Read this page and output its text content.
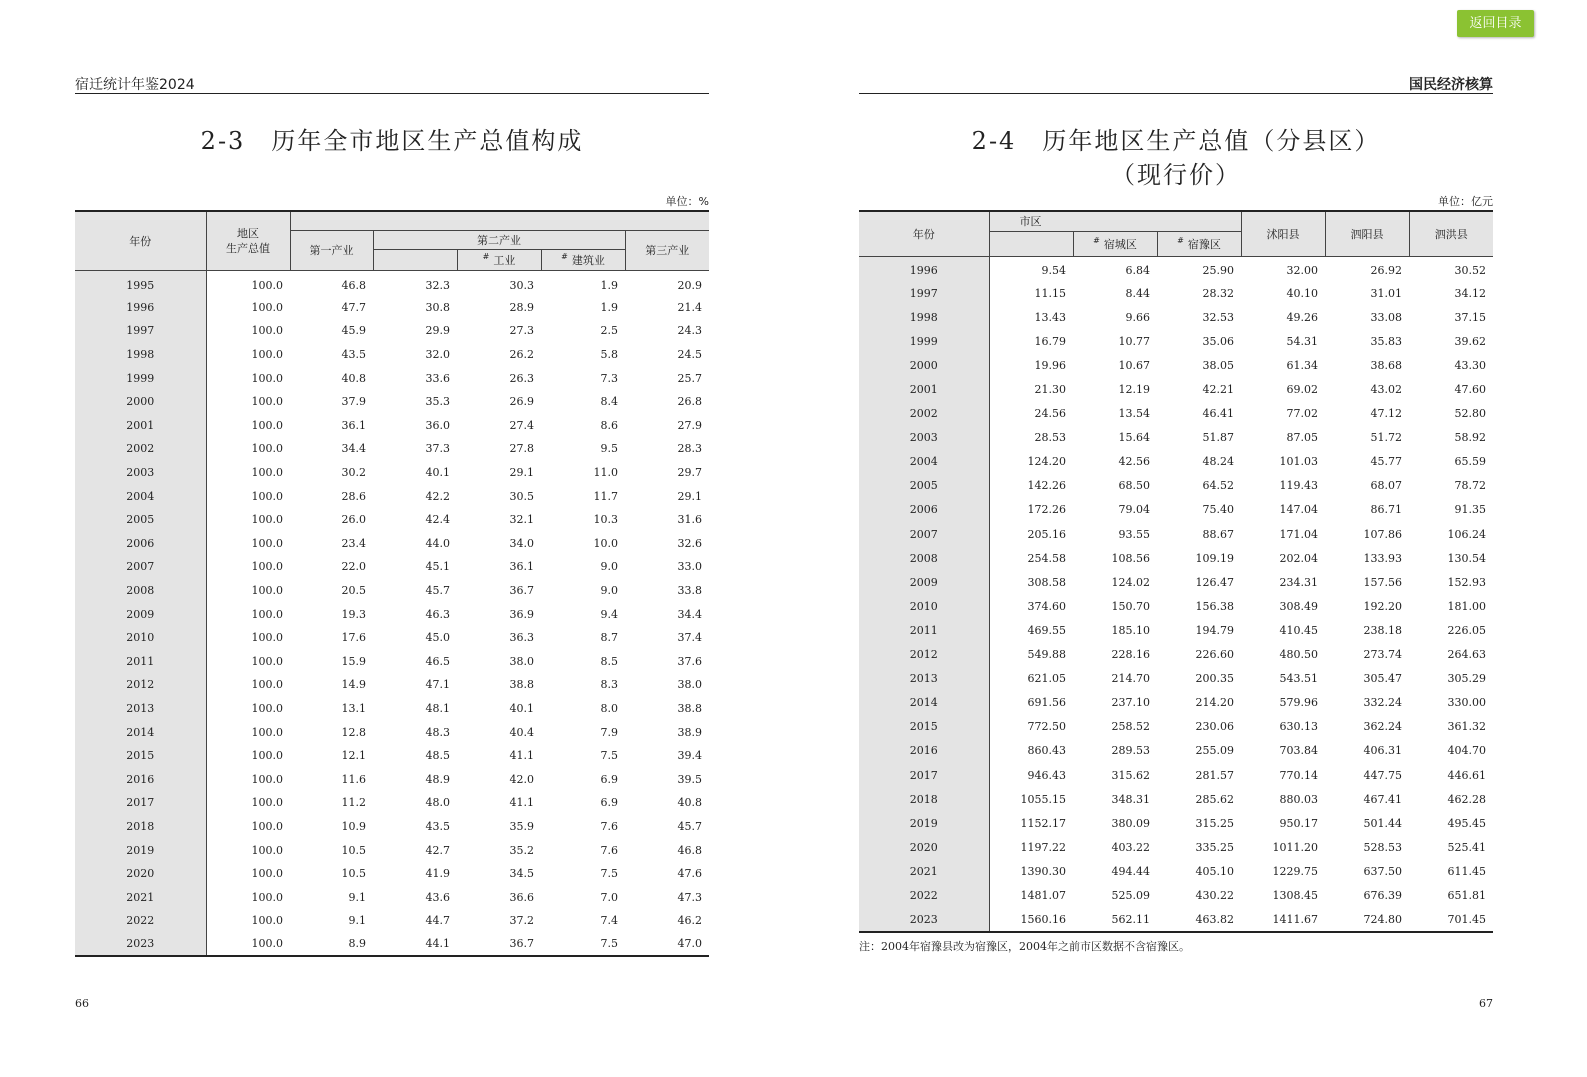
返回目录
宿迁统计年鉴2024
2-3　历年全市地区生产总值构成
单位：%
年份	地区
生产总值					
		第一产业	第二产业			第三产业
				# 工业	# 建筑业	
1995	100.0	46.8	32.3	30.3	1.9	20.9
1996	100.0	47.7	30.8	28.9	1.9	21.4
1997	100.0	45.9	29.9	27.3	2.5	24.3
1998	100.0	43.5	32.0	26.2	5.8	24.5
1999	100.0	40.8	33.6	26.3	7.3	25.7
2000	100.0	37.9	35.3	26.9	8.4	26.8
2001	100.0	36.1	36.0	27.4	8.6	27.9
2002	100.0	34.4	37.3	27.8	9.5	28.3
2003	100.0	30.2	40.1	29.1	11.0	29.7
2004	100.0	28.6	42.2	30.5	11.7	29.1
2005	100.0	26.0	42.4	32.1	10.3	31.6
2006	100.0	23.4	44.0	34.0	10.0	32.6
2007	100.0	22.0	45.1	36.1	9.0	33.0
2008	100.0	20.5	45.7	36.7	9.0	33.8
2009	100.0	19.3	46.3	36.9	9.4	34.4
2010	100.0	17.6	45.0	36.3	8.7	37.4
2011	100.0	15.9	46.5	38.0	8.5	37.6
2012	100.0	14.9	47.1	38.8	8.3	38.0
2013	100.0	13.1	48.1	40.1	8.0	38.8
2014	100.0	12.8	48.3	40.4	7.9	38.9
2015	100.0	12.1	48.5	41.1	7.5	39.4
2016	100.0	11.6	48.9	42.0	6.9	39.5
2017	100.0	11.2	48.0	41.1	6.9	40.8
2018	100.0	10.9	43.5	35.9	7.6	45.7
2019	100.0	10.5	42.7	35.2	7.6	46.8
2020	100.0	10.5	41.9	34.5	7.5	47.6
2021	100.0	9.1	43.6	36.6	7.0	47.3
2022	100.0	9.1	44.7	37.2	7.4	46.2
2023	100.0	8.9	44.1	36.7	7.5	47.0
66
国民经济核算
2-4　历年地区生产总值（分县区）
（现行价）
单位：亿元
年份	市区			沭阳县	泗阳县	泗洪县
		# 宿城区	# 宿豫区			
1996	9.54	6.84	25.90	32.00	26.92	30.52
1997	11.15	8.44	28.32	40.10	31.01	34.12
1998	13.43	9.66	32.53	49.26	33.08	37.15
1999	16.79	10.77	35.06	54.31	35.83	39.62
2000	19.96	10.67	38.05	61.34	38.68	43.30
2001	21.30	12.19	42.21	69.02	43.02	47.60
2002	24.56	13.54	46.41	77.02	47.12	52.80
2003	28.53	15.64	51.87	87.05	51.72	58.92
2004	124.20	42.56	48.24	101.03	45.77	65.59
2005	142.26	68.50	64.52	119.43	68.07	78.72
2006	172.26	79.04	75.40	147.04	86.71	91.35
2007	205.16	93.55	88.67	171.04	107.86	106.24
2008	254.58	108.56	109.19	202.04	133.93	130.54
2009	308.58	124.02	126.47	234.31	157.56	152.93
2010	374.60	150.70	156.38	308.49	192.20	181.00
2011	469.55	185.10	194.79	410.45	238.18	226.05
2012	549.88	228.16	226.60	480.50	273.74	264.63
2013	621.05	214.70	200.35	543.51	305.47	305.29
2014	691.56	237.10	214.20	579.96	332.24	330.00
2015	772.50	258.52	230.06	630.13	362.24	361.32
2016	860.43	289.53	255.09	703.84	406.31	404.70
2017	946.43	315.62	281.57	770.14	447.75	446.61
2018	1055.15	348.31	285.62	880.03	467.41	462.28
2019	1152.17	380.09	315.25	950.17	501.44	495.45
2020	1197.22	403.22	335.25	1011.20	528.53	525.41
2021	1390.30	494.44	405.10	1229.75	637.50	611.45
2022	1481.07	525.09	430.22	1308.45	676.39	651.81
2023	1560.16	562.11	463.82	1411.67	724.80	701.45
注：2004年宿豫县改为宿豫区，2004年之前市区数据不含宿豫区。
67
